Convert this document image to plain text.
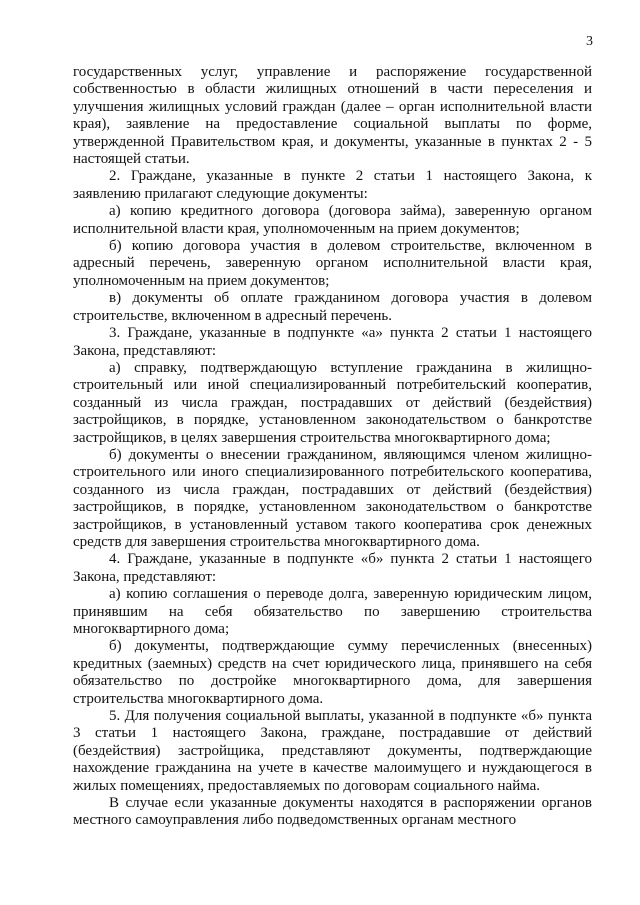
3

государственных услуг, управление и распоряжение государственной собственностью в области жилищных отношений в части переселения и улучшения жилищных условий граждан (далее – орган исполнительной власти края), заявление на предоставление социальной выплаты по форме, утвержденной Правительством края, и документы, указанные в пунктах 2 - 5 настоящей статьи.

2. Граждане, указанные в пункте 2 статьи 1 настоящего Закона, к заявлению прилагают следующие документы:

а) копию кредитного договора (договора займа), заверенную органом исполнительной власти края, уполномоченным на прием документов;

б) копию договора участия в долевом строительстве, включенном в адресный перечень, заверенную органом исполнительной власти края, уполномоченным на прием документов;

в) документы об оплате гражданином договора участия в долевом строительстве, включенном в адресный перечень.

3. Граждане, указанные в подпункте «а» пункта 2 статьи 1 настоящего Закона, представляют:

а) справку, подтверждающую вступление гражданина в жилищно-строительный или иной специализированный потребительский кооператив, созданный из числа граждан, пострадавших от действий (бездействия) застройщиков, в порядке, установленном законодательством о банкротстве застройщиков, в целях завершения строительства многоквартирного дома;

б) документы о внесении гражданином, являющимся членом жилищно-строительного или иного специализированного потребительского кооператива, созданного из числа граждан, пострадавших от действий (бездействия) застройщиков, в порядке, установленном законодательством о банкротстве застройщиков, в установленный уставом такого кооператива срок денежных средств для завершения строительства многоквартирного дома.

4. Граждане, указанные в подпункте «б» пункта 2 статьи 1 настоящего Закона, представляют:

а) копию соглашения о переводе долга, заверенную юридическим лицом, принявшим на себя обязательство по завершению строительства многоквартирного дома;

б) документы, подтверждающие сумму перечисленных (внесенных) кредитных (заемных) средств на счет юридического лица, принявшего на себя обязательство по достройке многоквартирного дома, для завершения строительства многоквартирного дома.

5. Для получения социальной выплаты, указанной в подпункте «б» пункта 3 статьи 1 настоящего Закона, граждане, пострадавшие от действий (бездействия) застройщика, представляют документы, подтверждающие нахождение гражданина на учете в качестве малоимущего и нуждающегося в жилых помещениях, предоставляемых по договорам социального найма.

В случае если указанные документы находятся в распоряжении органов местного самоуправления либо подведомственных органам местного
